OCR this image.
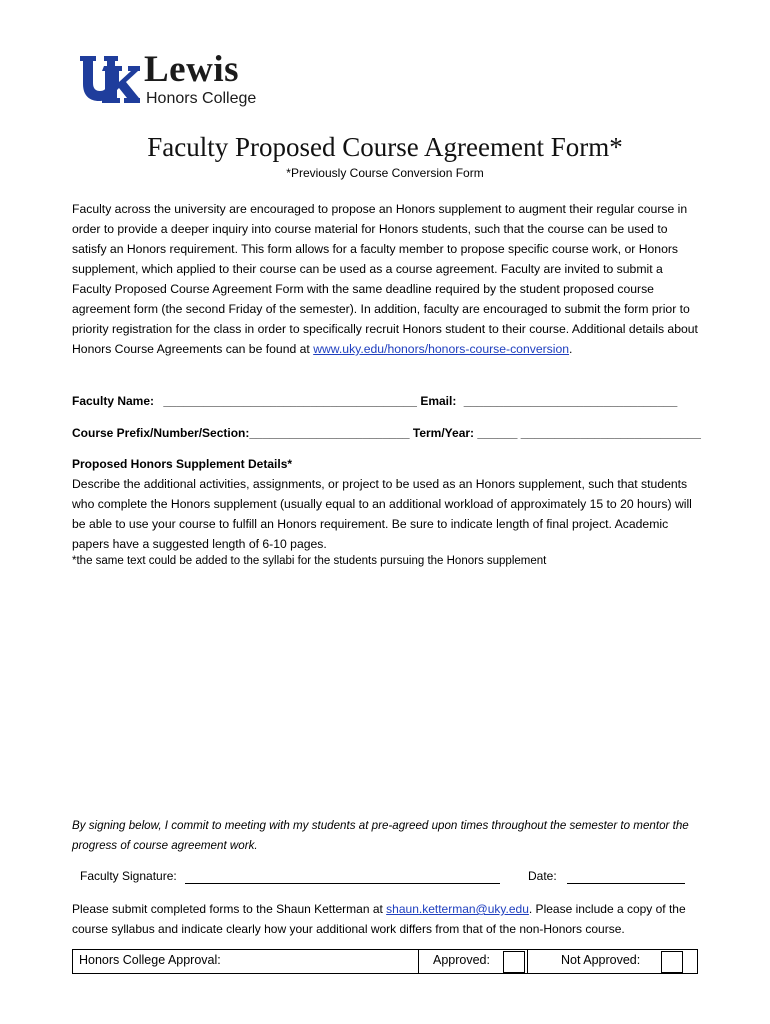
Lewis
Honors College
Faculty Proposed Course Agreement Form*
*Previously Course Conversion Form
Faculty across the university are encouraged to propose an Honors supplement to augment their regular course in order to provide a deeper inquiry into course material for Honors students, such that the course can be used to satisfy an Honors requirement. This form allows for a faculty member to propose specific course work, or Honors supplement, which applied to their course can be used as a course agreement. Faculty are invited to submit a Faculty Proposed Course Agreement Form with the same deadline required by the student proposed course agreement form (the second Friday of the semester). In addition, faculty are encouraged to submit the form prior to priority registration for the class in order to specifically recruit Honors student to their course. Additional details about Honors Course Agreements can be found at www.uky.edu/honors/honors-course-conversion.
Faculty Name: ______________________________________ Email: ________________________________
Course Prefix/Number/Section:________________________ Term/Year: ______ ___________________________
Proposed Honors Supplement Details*
Describe the additional activities, assignments, or project to be used as an Honors supplement, such that students who complete the Honors supplement (usually equal to an additional workload of approximately 15 to 20 hours) will be able to use your course to fulfill an Honors requirement. Be sure to indicate length of final project. Academic papers have a suggested length of 6-10 pages.
*the same text could be added to the syllabi for the students pursuing the Honors supplement
By signing below, I commit to meeting with my students at pre-agreed upon times throughout the semester to mentor the progress of course agreement work.
Faculty Signature:	Date:
Please submit completed forms to the Shaun Ketterman at shaun.ketterman@uky.edu. Please include a copy of the course syllabus and indicate clearly how your additional work differs from that of the non-Honors course.
Honors College Approval:	Approved:	Not Approved:
